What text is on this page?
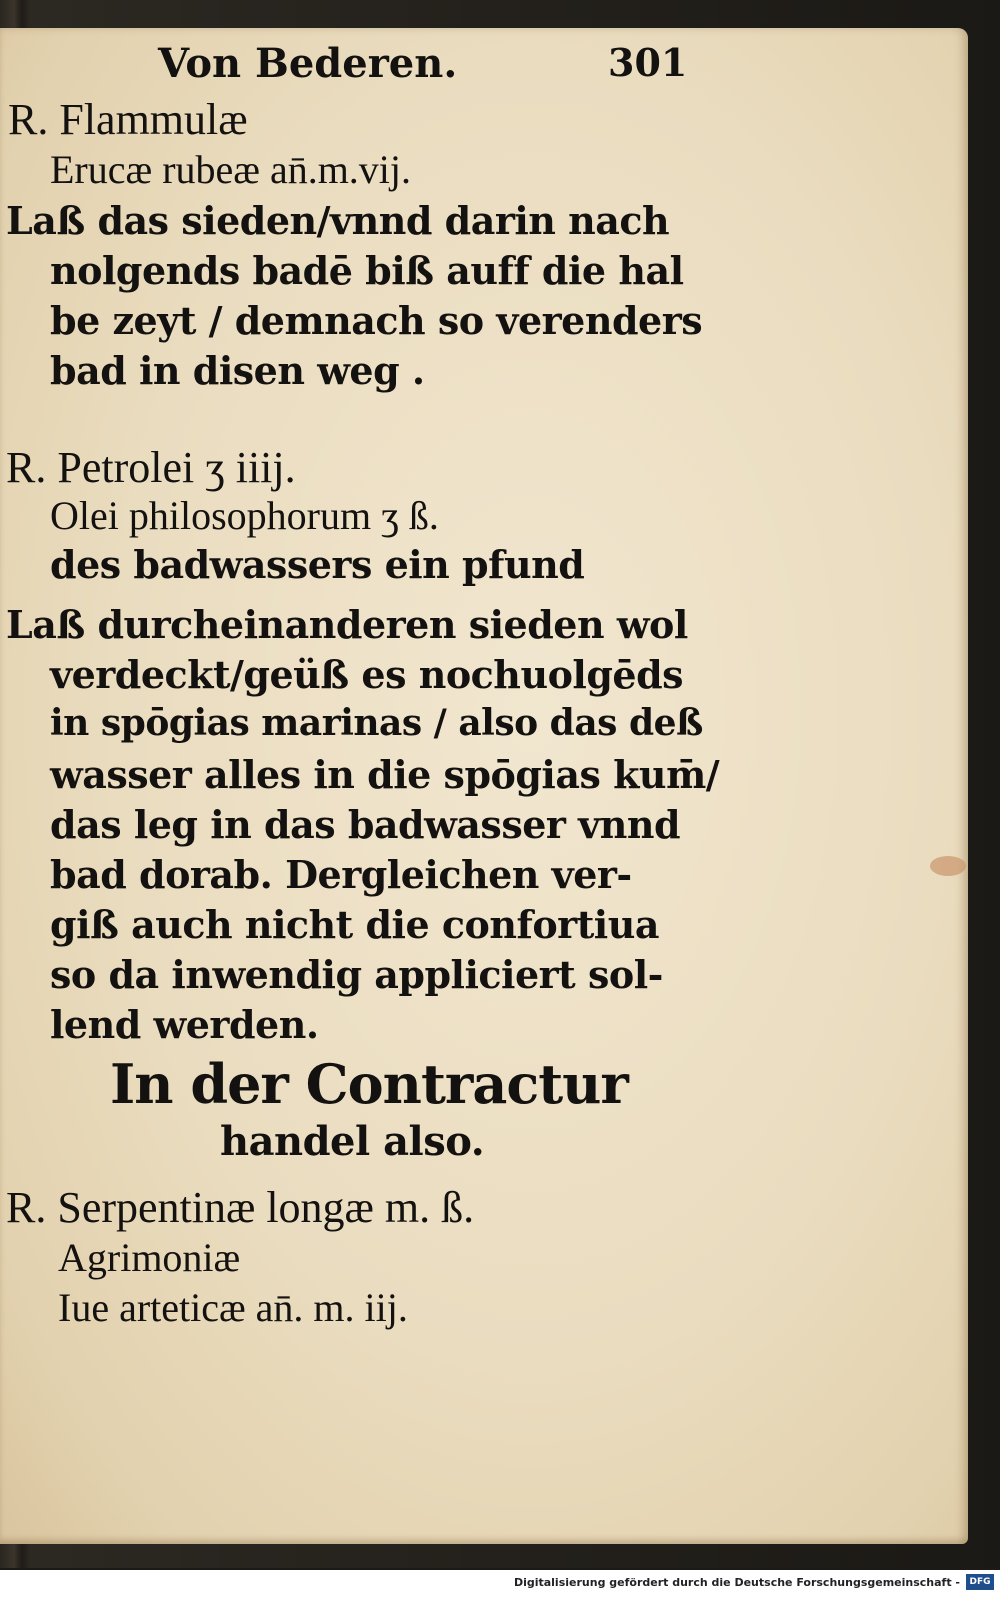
Von Bederen.	301
R. Flammulæ
Erucæ rubeæ an̄.m.vij.
Laß das sieden/vnnd darin nach
nolgends badē biß auff die hal
be zeyt / demnach so verenders
bad in disen weg .
R. Petrolei ʒ iiij.
Olei philosophorum ʒ ß.
des badwassers ein pfund
Laß durcheinanderen sieden wol
verdeckt/geüß es nochuolgēds
in spōgias marinas / also das deß
wasser alles in die spōgias kum̄/
das leg in das badwasser vnnd
bad dorab. Dergleichen ver-
giß auch nicht die confortiua
so da inwendig appliciert sol-
lend werden.
In der Contractur
handel also.
R. Serpentinæ longæ m. ß.
Agrimoniæ
Iue arteticæ an̄. m. iij.
Digitalisierung gefördert durch die Deutsche Forschungsgemeinschaft -	DFG
